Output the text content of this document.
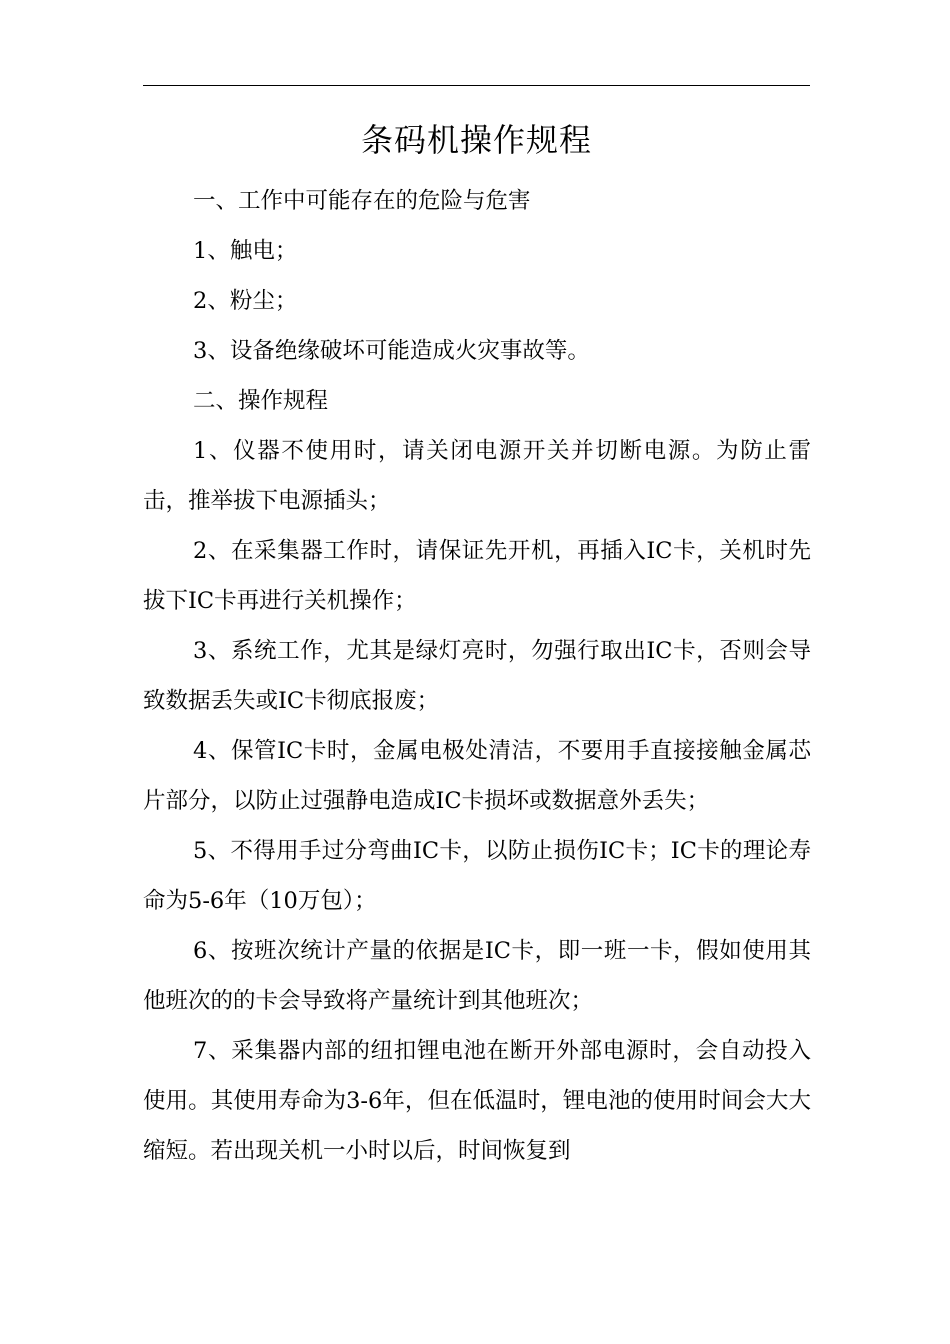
条码机操作规程

一、工作中可能存在的危险与危害

1、触电；

2、粉尘；

3、设备绝缘破坏可能造成火灾事故等。

二、操作规程

1、仪器不使用时，请关闭电源开关并切断电源。为防止雷击，推举拔下电源插头；

2、在采集器工作时，请保证先开机，再插入IC卡，关机时先拔下IC卡再进行关机操作；

3、系统工作，尤其是绿灯亮时，勿强行取出IC卡，否则会导致数据丢失或IC卡彻底报废；

4、保管IC卡时，金属电极处清洁，不要用手直接接触金属芯片部分，以防止过强静电造成IC卡损坏或数据意外丢失；

5、不得用手过分弯曲IC卡，以防止损伤IC卡；IC卡的理论寿命为5-6年（10万包）；

6、按班次统计产量的依据是IC卡，即一班一卡，假如使用其他班次的的卡会导致将产量统计到其他班次；

7、采集器内部的纽扣锂电池在断开外部电源时，会自动投入使用。其使用寿命为3-6年，但在低温时，锂电池的使用时间会大大缩短。若出现关机一小时以后，时间恢复到
